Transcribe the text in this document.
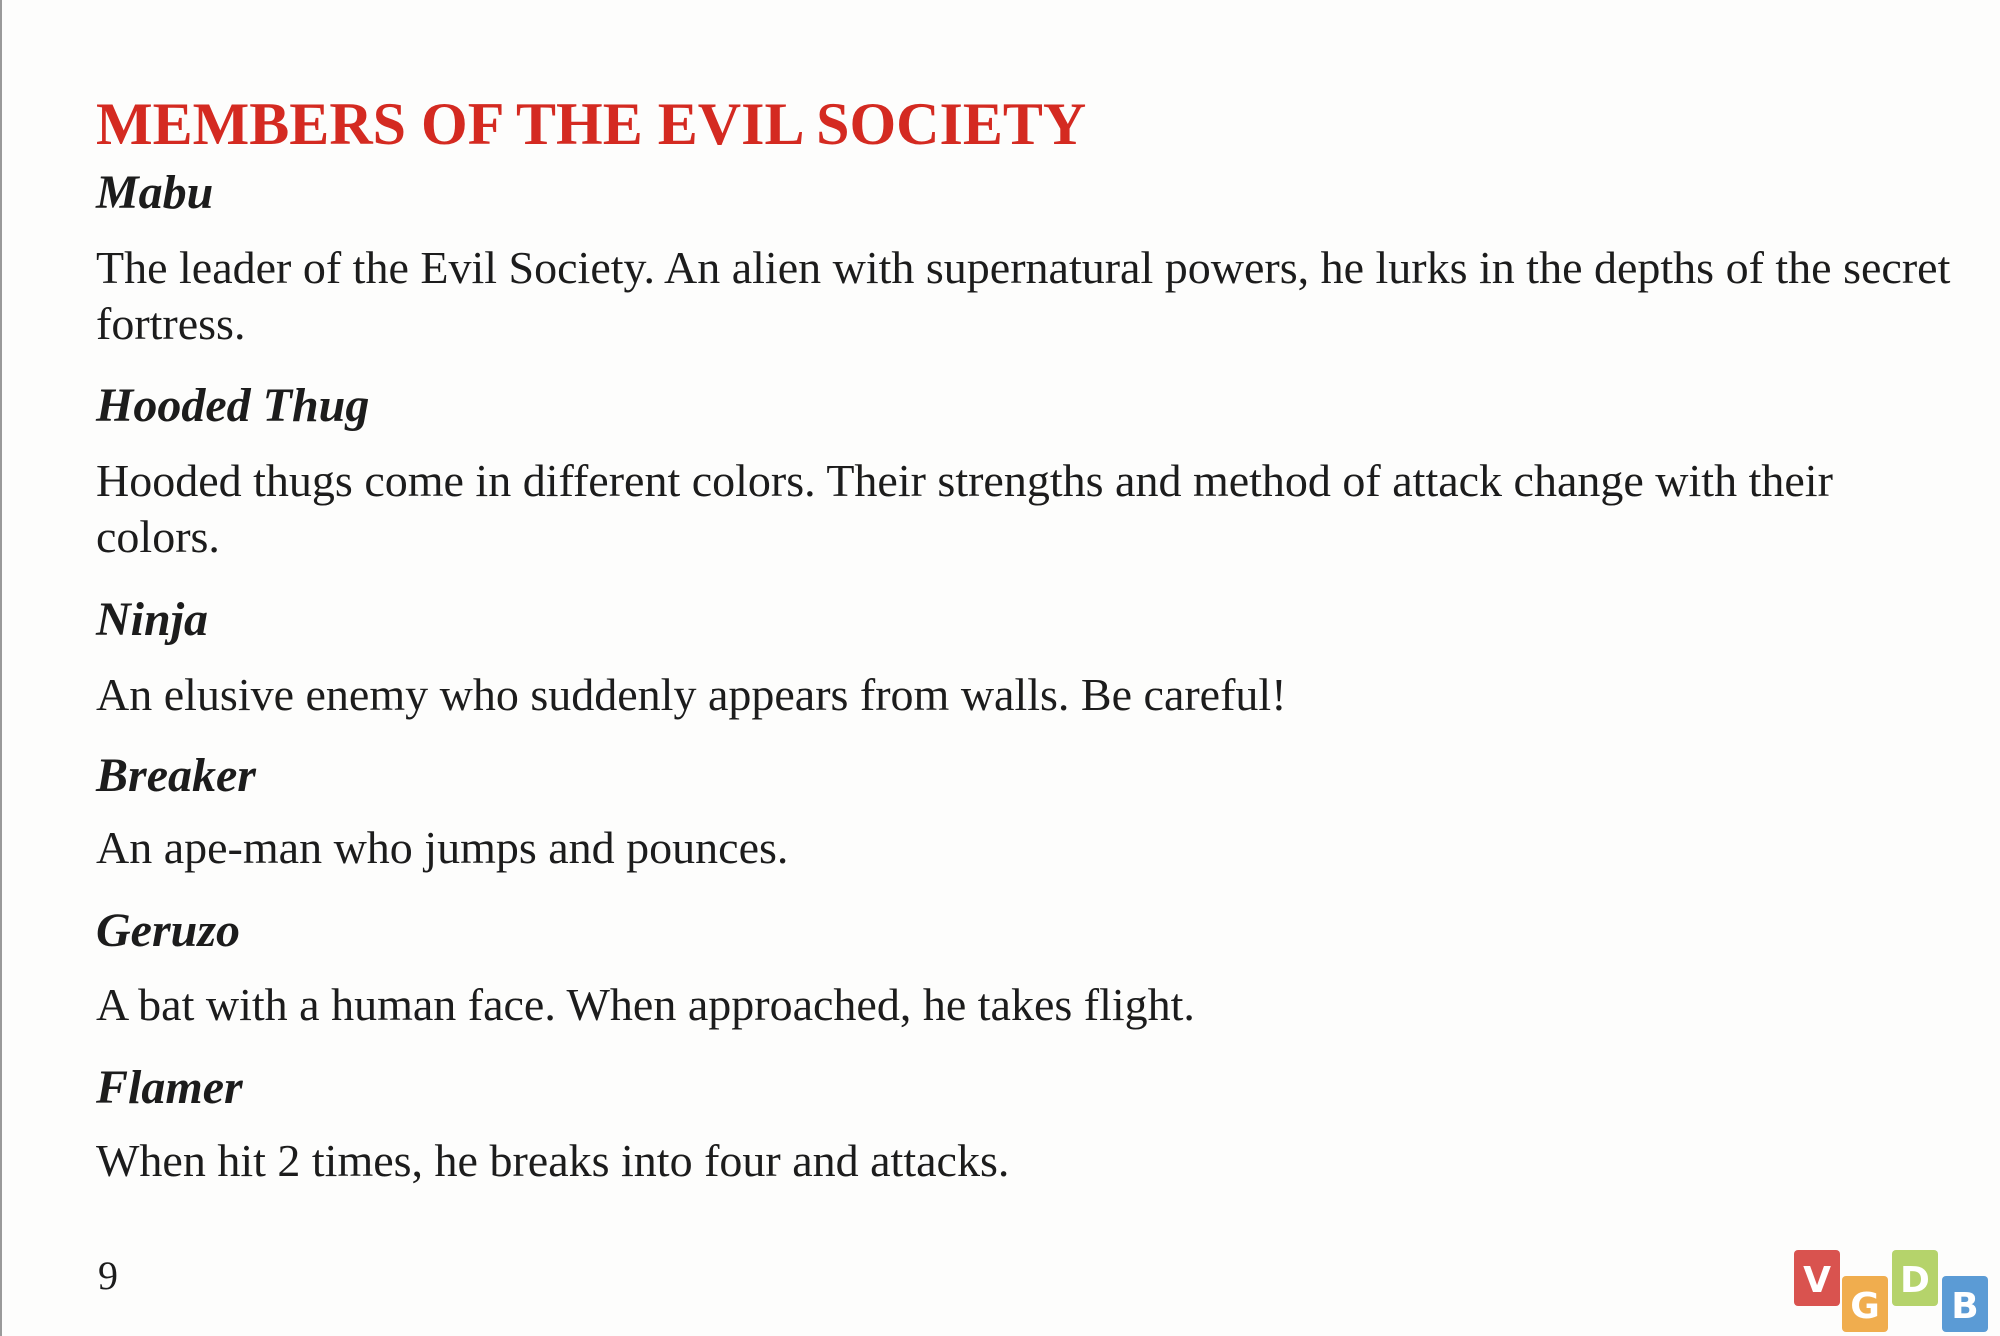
MEMBERS OF THE EVIL SOCIETY
Mabu

The leader of the Evil Society. An alien with supernatural powers, he lurks in the depths of the secret fortress.

Hooded Thug

Hooded thugs come in different colors. Their strengths and method of attack change with their colors.

Ninja

An elusive enemy who suddenly appears from walls. Be careful!

Breaker

An ape-man who jumps and pounces.

Geruzo

A bat with a human face. When approached, he takes flight.

Flamer

When hit 2 times, he breaks into four and attacks.

9	V
G
D
B
